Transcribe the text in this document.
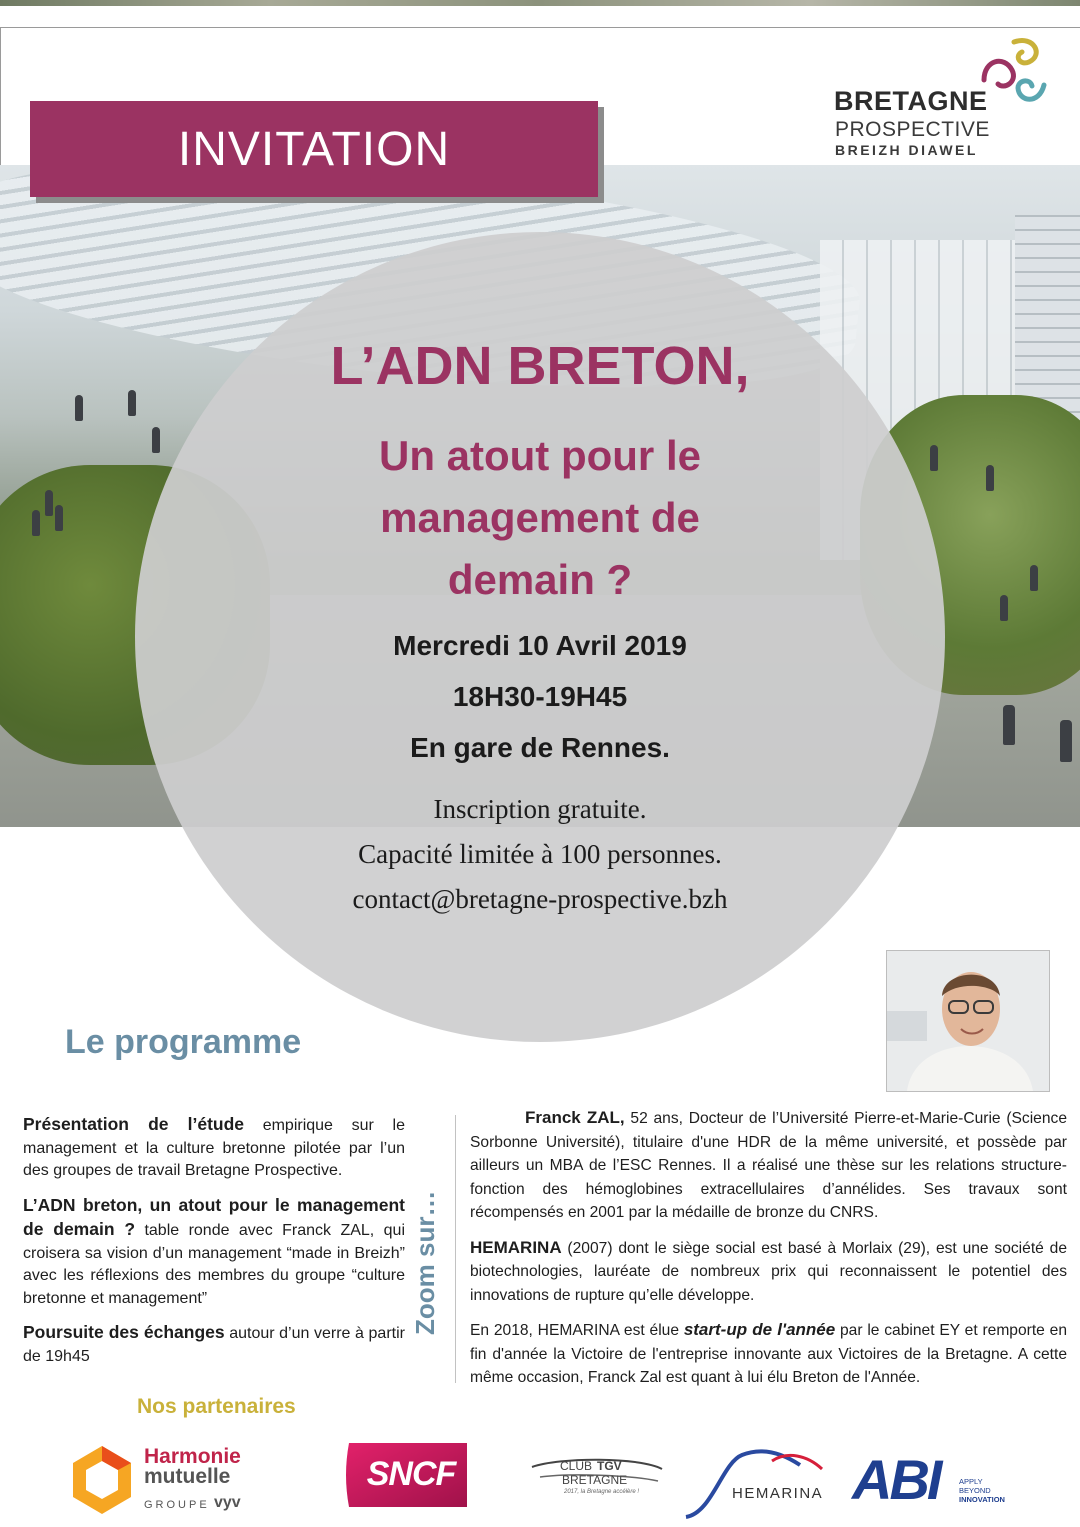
INVITATION
BRETAGNE
PROSPECTIVE
BREIZH DIAWEL
L’ADN BRETON,
Un atout pour le
management de
demain ?
Mercredi 10 Avril 2019
18H30-19H45
En gare de Rennes.
Inscription gratuite.
Capacité limitée à 100 personnes.
contact@bretagne-prospective.bzh
Le programme

Présentation de l’étude empirique sur le management et la culture bretonne pilotée par l’un des groupes de travail Bretagne Prospective.

L’ADN breton, un atout pour le management de demain ? table ronde avec Franck ZAL, qui croisera sa vision d’un management “made in Breizh” avec les réflexions des membres du groupe “culture bretonne et management”

Poursuite des échanges autour d’un verre à partir de 19h45

Zoom sur…

Franck ZAL, 52 ans, Docteur de l’Université Pierre-et-Marie-Curie (Science Sorbonne Université), titulaire d'une HDR de la même université, et possède par ailleurs un MBA de l’ESC Rennes. Il a réalisé une thèse sur les relations structure-fonction des hémoglobines extracellulaires d’annélides. Ses travaux sont récompensés en 2001 par la médaille de bronze du CNRS.

HEMARINA (2007) dont le siège social est basé à Morlaix (29), est une société de biotechnologies, lauréate de nombreux prix qui reconnaissent le potentiel des innovations de rupture qu’elle développe.

En 2018, HEMARINA est élue start-up de l'année par le cabinet EY et remporte en fin d'année la Victoire de l'entreprise innovante aux Victoires de la Bretagne. A cette même occasion, Franck Zal est quant à lui élu Breton de l'Année.

Nos partenaires
Harmonie
mutuelle
GROUPE vyv
SNCF	CLUB TGV
BRETAGNE
2017, la Bretagne accélère !	HEMARINA ABI	APPLY
BEYOND
INNOVATION
